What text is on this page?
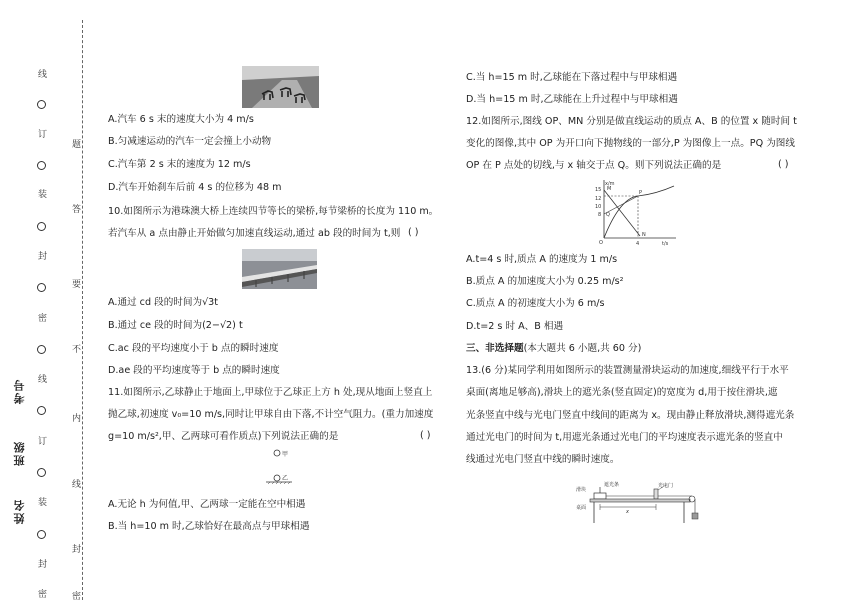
线
订
装
封
密
线
订
装
封
密
题
答
要
不
内
线
封
密
考号
班级
姓名
A.汽车 6 s 末的速度大小为 4 m/s
B.匀减速运动的汽车一定会撞上小动物
C.汽车第 2 s 末的速度为 12 m/s
D.汽车开始刹车后前 4 s 的位移为 48 m
10.如图所示为港珠澳大桥上连续四节等长的梁桥,每节梁桥的长度为 110 m。
若汽车从 a 点由静止开始做匀加速直线运动,通过 ab 段的时间为 t,则 ( )
A.通过 cd 段的时间为√3t
B.通过 ce 段的时间为(2−√2) t
C.ac 段的平均速度小于 b 点的瞬时速度
D.ae 段的平均速度等于 b 点的瞬时速度
11.如图所示,乙球静止于地面上,甲球位于乙球正上方 h 处,现从地面上竖直上
抛乙球,初速度 v₀=10 m/s,同时让甲球自由下落,不计空气阻力。(重力加速度
g=10 m/s²,甲、乙两球可看作质点)下列说法正确的是	( )
甲
乙
A.无论 h 为何值,甲、乙两球一定能在空中相遇
B.当 h=10 m 时,乙球恰好在最高点与甲球相遇
C.当 h=15 m 时,乙球能在下落过程中与甲球相遇
D.当 h=15 m 时,乙球能在上升过程中与甲球相遇
12.如图所示,图线 OP、MN 分别是做直线运动的质点 A、B 的位置 x 随时间 t
变化的图像,其中 OP 为开口向下抛物线的一部分,P 为图像上一点。PQ 为图线
OP 在 P 点处的切线,与 x 轴交于点 Q。则下列说法正确的是	( )
x/m
t/s
15
12
10
8
O	4
M
P
Q
N
A.t=4 s 时,质点 A 的速度为 1 m/s
B.质点 A 的加速度大小为 0.25 m/s²
C.质点 A 的初速度大小为 6 m/s
D.t=2 s 时 A、B 相遇
三、非选择题(本大题共 6 小题,共 60 分)
13.(6 分)某同学利用如图所示的装置测量滑块运动的加速度,细线平行于水平
桌面(离地足够高),滑块上的遮光条(竖直固定)的宽度为 d,用于按住滑块,遮
光条竖直中线与光电门竖直中线间的距离为 x。现由静止释放滑块,测得遮光条
通过光电门的时间为 t,用遮光条通过光电门的平均速度表示遮光条的竖直中
线通过光电门竖直中线的瞬时速度。
滑块
遮光条	光电门
桌面
x
